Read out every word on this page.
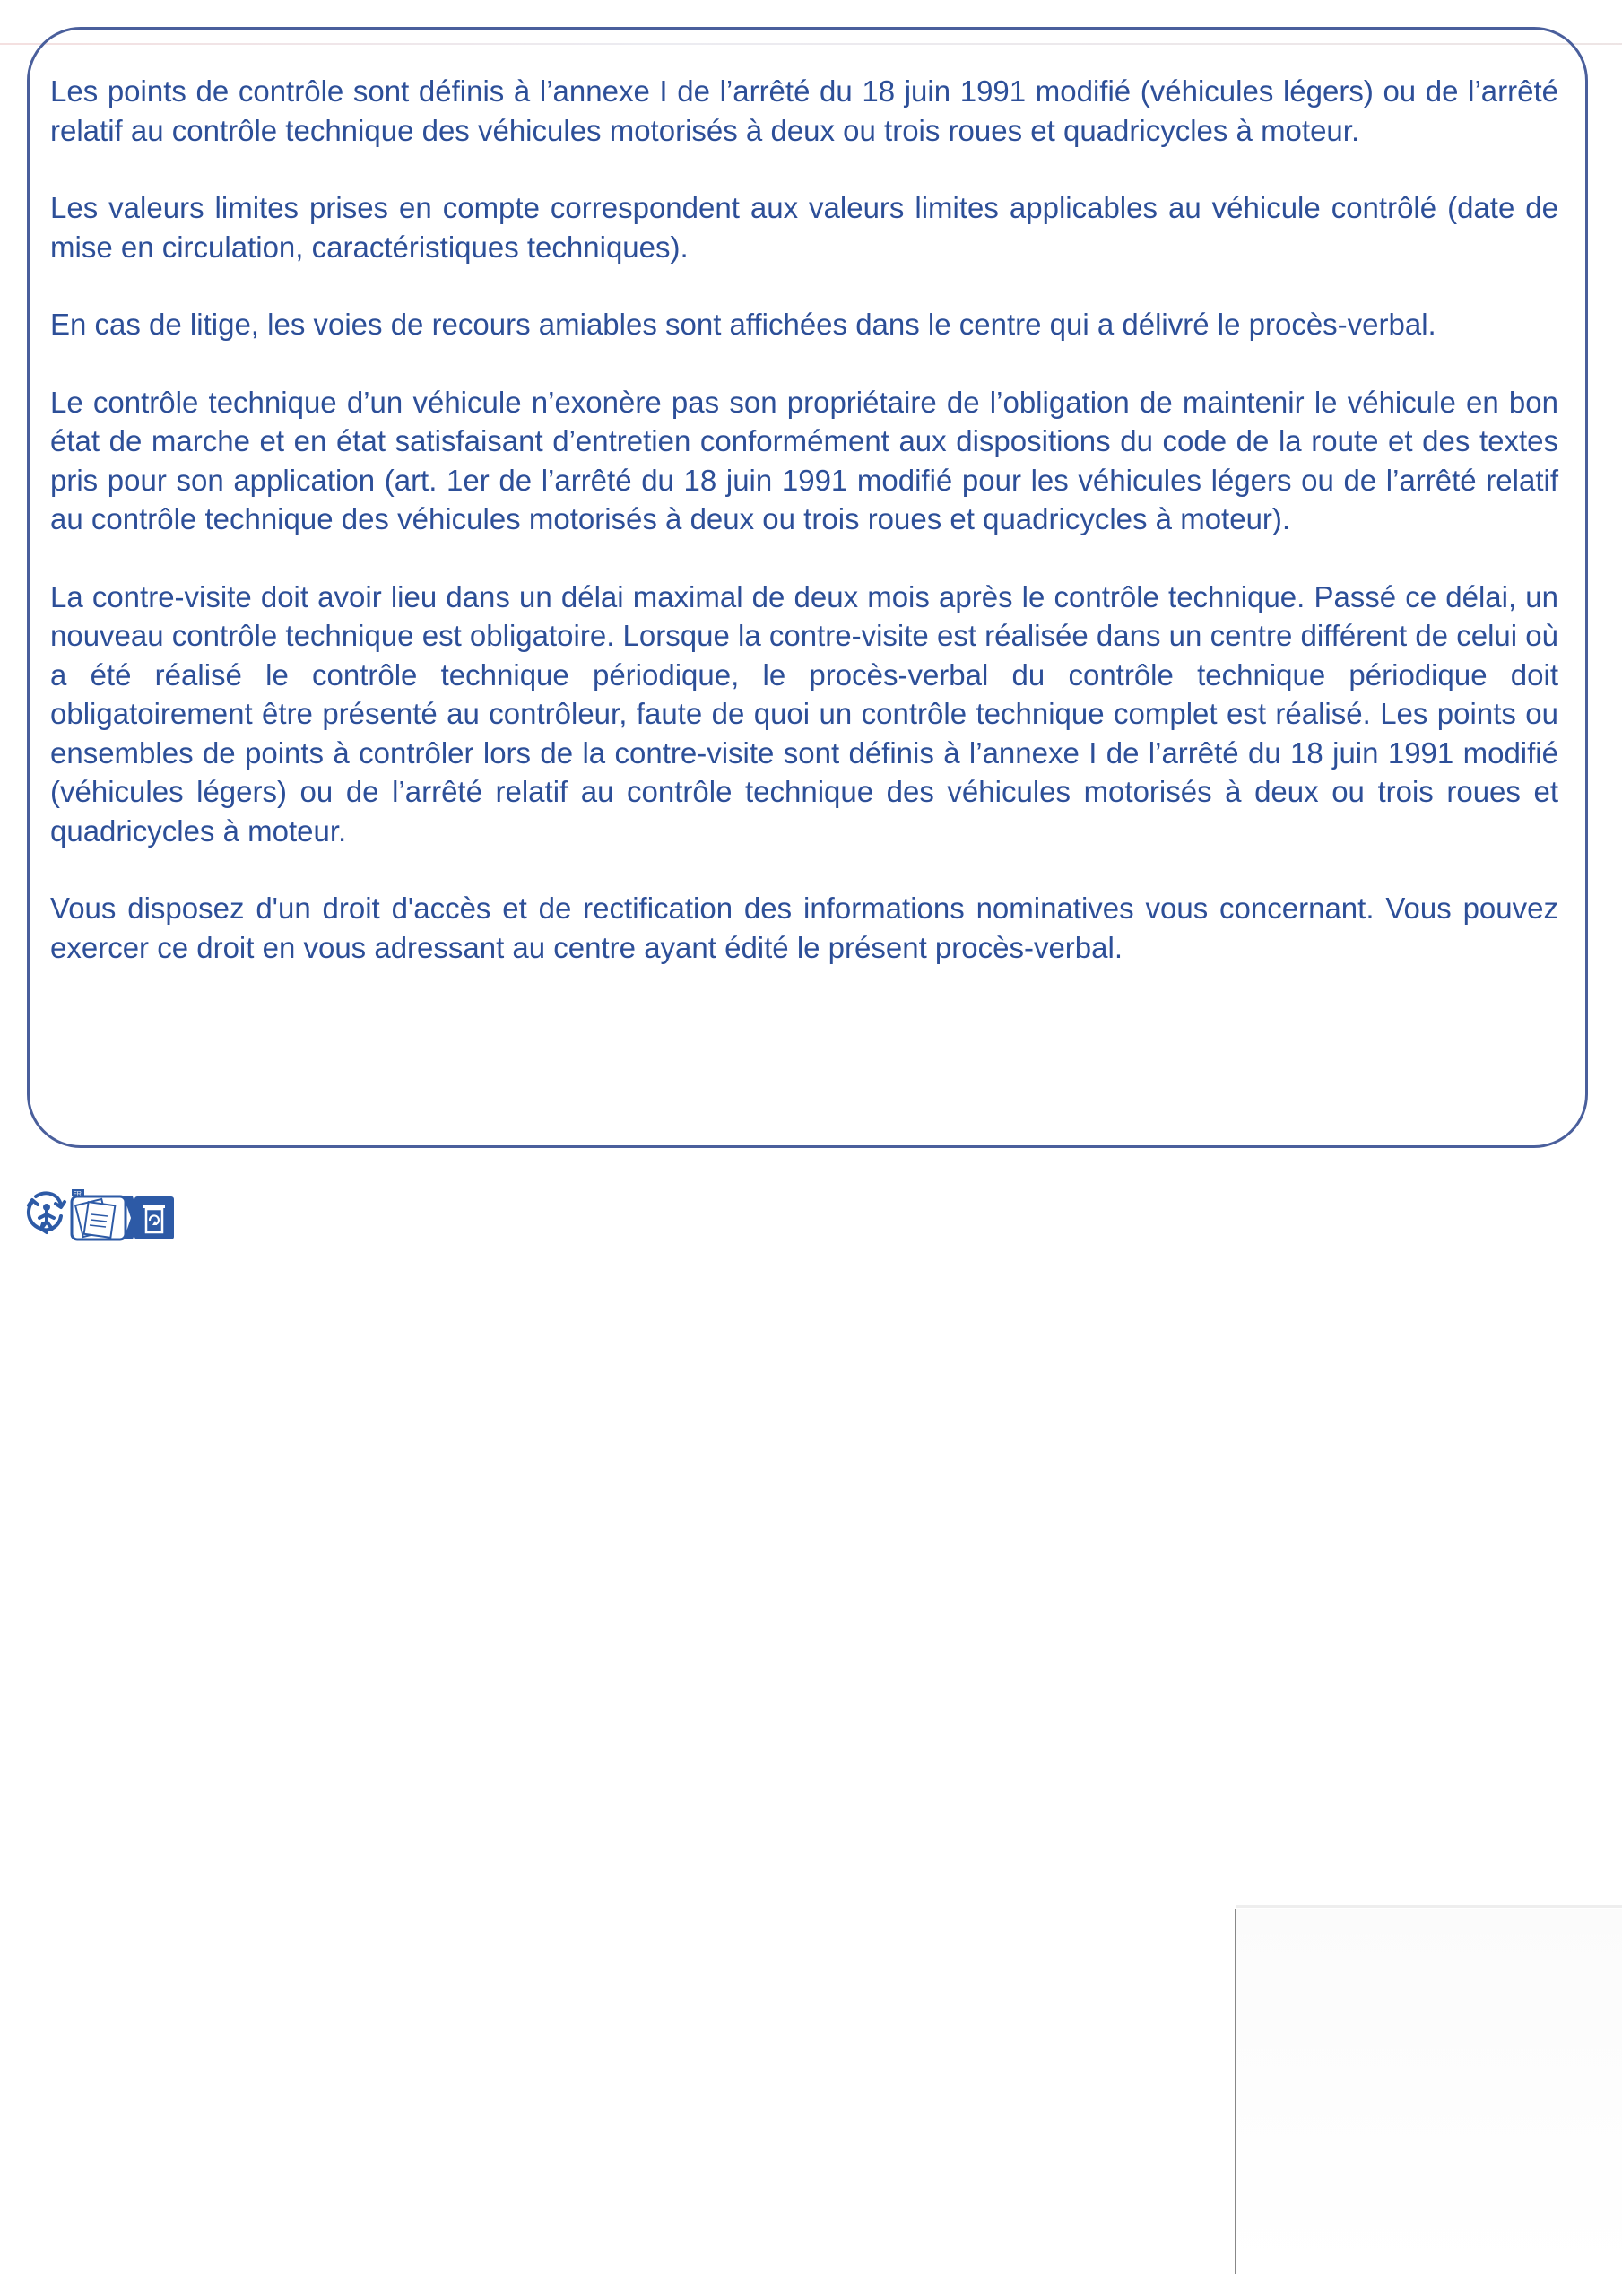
Les points de contrôle sont définis à l’annexe I de l’arrêté du 18 juin 1991 modifié (véhicules légers) ou de l’arrêté relatif au contrôle technique des véhicules motorisés à deux ou trois roues et quadricycles à moteur.

Les valeurs limites prises en compte correspondent aux valeurs limites applicables au véhicule contrôlé (date de mise en circulation, caractéristiques techniques).

En cas de litige, les voies de recours amiables sont affichées dans le centre qui a délivré le procès-verbal.

Le contrôle technique d’un véhicule n’exonère pas son propriétaire de l’obligation de maintenir le véhicule en bon état de marche et en état satisfaisant d’entretien conformément aux dispositions du code de la route et des textes pris pour son application (art. 1er de l’arrêté du 18 juin 1991 modifié pour les véhicules légers ou de l’arrêté relatif au contrôle technique des véhicules motorisés à deux ou trois roues et quadricycles à moteur).

La contre-visite doit avoir lieu dans un délai maximal de deux mois après le contrôle technique. Passé ce délai, un nouveau contrôle technique est obligatoire. Lorsque la contre-visite est réalisée dans un centre différent de celui où a été réalisé le contrôle technique périodique, le procès-verbal du contrôle technique périodique doit obligatoirement être présenté au contrôleur, faute de quoi un contrôle technique complet est réalisé. Les points ou ensembles de points à contrôler lors de la contre-visite sont définis à l’annexe I de l’arrêté du 18 juin 1991 modifié (véhicules légers) ou de l’arrêté relatif au contrôle technique des véhicules motorisés à deux ou trois roues et quadricycles à moteur.

Vous disposez d'un droit d'accès et de rectification des informations nominatives vous concernant. Vous pouvez exercer ce droit en vous adressant au centre ayant édité le présent procès-verbal.

FR
